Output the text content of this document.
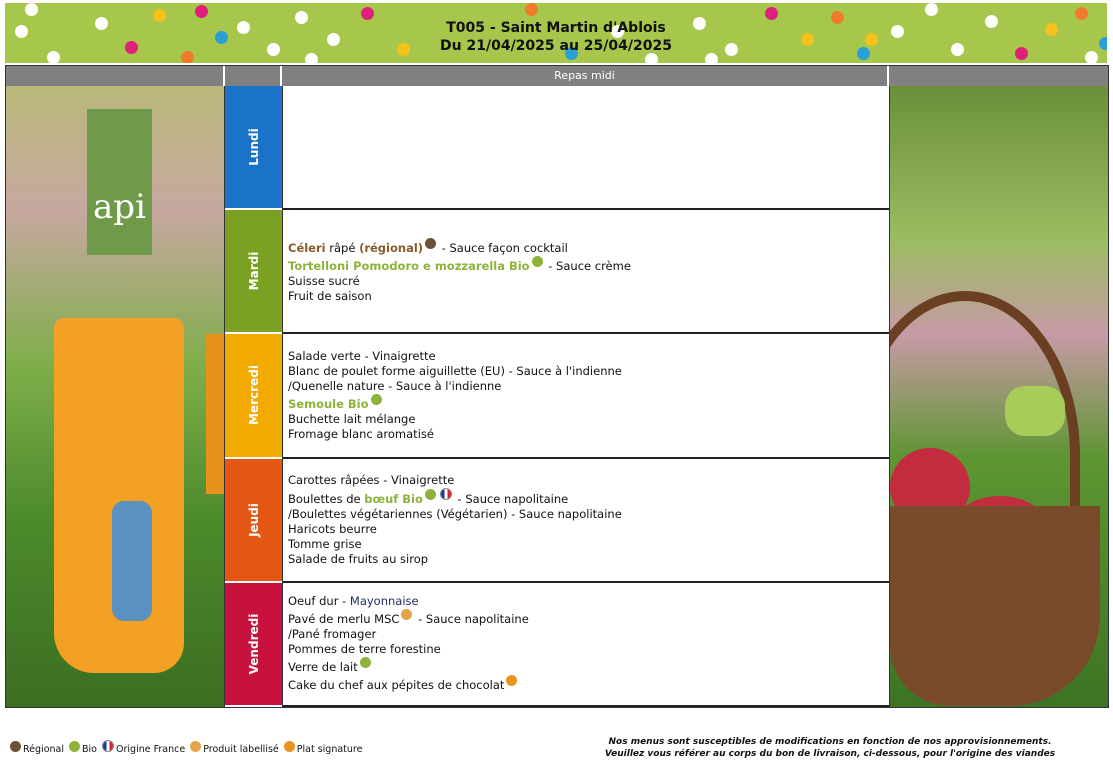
T005 - Saint Martin d'Ablois
Du 21/04/2025 au 25/04/2025
Repas midi
api
Lundi
Mardi
Céleri râpé (régional) - Sauce façon cocktail
Tortelloni Pomodoro e mozzarella Bio - Sauce crème
Suisse sucré
Fruit de saison
Mercredi
Salade verte - Vinaigrette
Blanc de poulet forme aiguillette (EU) - Sauce à l'indienne
/Quenelle nature - Sauce à l'indienne
Semoule Bio
Buchette lait mélange
Fromage blanc aromatisé
Jeudi
Carottes râpées - Vinaigrette
Boulettes de bœuf Bio	- Sauce napolitaine
/Boulettes végétariennes (Végétarien) - Sauce napolitaine
Haricots beurre
Tomme grise
Salade de fruits au sirop
Vendredi
Oeuf dur - Mayonnaise
Pavé de merlu MSC - Sauce napolitaine
/Pané fromager
Pommes de terre forestine
Verre de lait
Cake du chef aux pépites de chocolat
Régional Bio Origine France Produit labellisé Plat signature
Nos menus sont susceptibles de modifications en fonction de nos approvisionnements.
Veuillez vous référer au corps du bon de livraison, ci-dessous, pour l'origine des viandes
